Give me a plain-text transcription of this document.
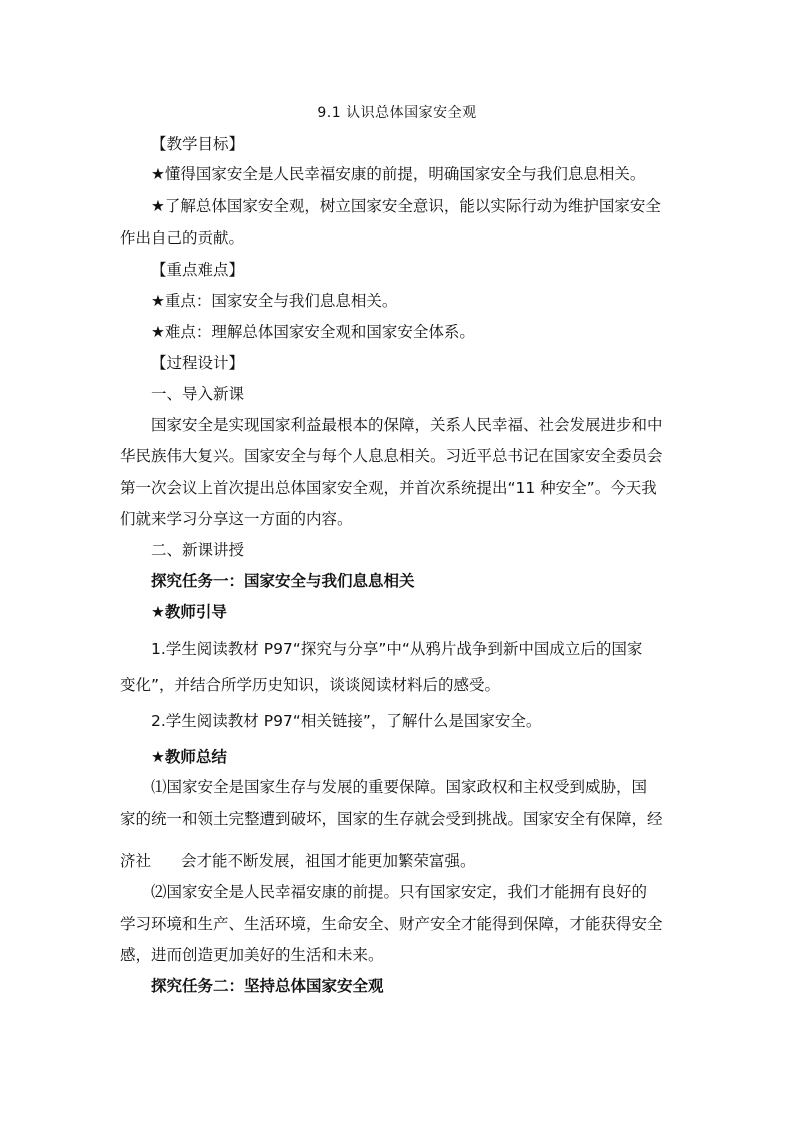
9.1 认识总体国家安全观
【教学目标】
★懂得国家安全是人民幸福安康的前提，明确国家安全与我们息息相关。
★了解总体国家安全观，树立国家安全意识，能以实际行动为维护国家安全
作出自己的贡献。
【重点难点】
★重点：国家安全与我们息息相关。
★难点：理解总体国家安全观和国家安全体系。
【过程设计】
一、导入新课
国家安全是实现国家利益最根本的保障，关系人民幸福、社会发展进步和中
华民族伟大复兴。国家安全与每个人息息相关。习近平总书记在国家安全委员会
第一次会议上首次提出总体国家安全观，并首次系统提出“11 种安全”。今天我
们就来学习分享这一方面的内容。
二、新课讲授
探究任务一：国家安全与我们息息相关
★教师引导
1.学生阅读教材 P97“探究与分享”中“从鸦片战争到新中国成立后的国家
变化”，并结合所学历史知识，谈谈阅读材料后的感受。
2.学生阅读教材 P97“相关链接”，了解什么是国家安全。
★教师总结
⑴国家安全是国家生存与发展的重要保障。国家政权和主权受到威胁，国
家的统一和领土完整遭到破坏，国家的生存就会受到挑战。国家安全有保障，经
济社 会才能不断发展，祖国才能更加繁荣富强。
⑵国家安全是人民幸福安康的前提。只有国家安定，我们才能拥有良好的
学习环境和生产、生活环境，生命安全、财产安全才能得到保障，才能获得安全
感，进而创造更加美好的生活和未来。
探究任务二：坚持总体国家安全观
